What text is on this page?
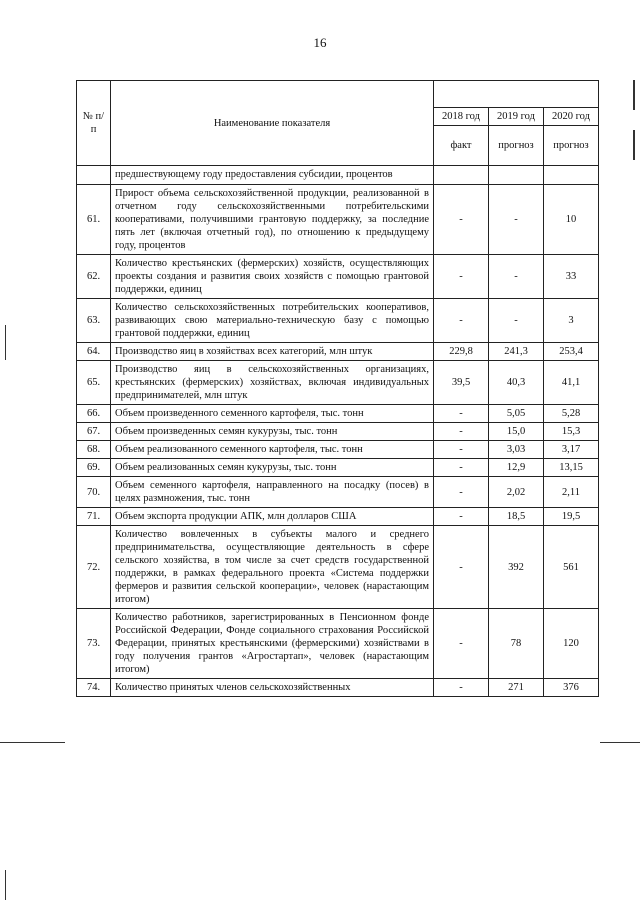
16
№ п/п	Наименование показателя			
		2018 год	2019 год	2020 год
		факт	прогноз	прогноз
	предшествующему году предоставления субсидии, процентов			
61.	Прирост объема сельскохозяйственной продукции, реализованной в отчетном году сельскохозяйственными потребительскими кооперативами, получившими грантовую поддержку, за последние пять лет (включая отчетный год), по отношению к предыдущему году, процентов	-	-	10
62.	Количество крестьянских (фермерских) хозяйств, осуществляющих проекты создания и развития своих хозяйств с помощью грантовой поддержки, единиц	-	-	33
63.	Количество сельскохозяйственных потребительских кооперативов, развивающих свою материально-техническую базу с помощью грантовой поддержки, единиц	-	-	3
64.	Производство яиц в хозяйствах всех категорий, млн штук	229,8	241,3	253,4
65.	Производство яиц в сельскохозяйственных организациях, крестьянских (фермерских) хозяйствах, включая индивидуальных предпринимателей, млн штук	39,5	40,3	41,1
66.	Объем произведенного семенного картофеля, тыс. тонн	-	5,05	5,28
67.	Объем произведенных семян кукурузы, тыс. тонн	-	15,0	15,3
68.	Объем реализованного семенного картофеля, тыс. тонн	-	3,03	3,17
69.	Объем реализованных семян кукурузы, тыс. тонн	-	12,9	13,15
70.	Объем семенного картофеля, направленного на посадку (посев) в целях размножения, тыс. тонн	-	2,02	2,11
71.	Объем экспорта продукции АПК, млн долларов США	-	18,5	19,5
72.	Количество вовлеченных в субъекты малого и среднего предпринимательства, осуществляющие деятельность в сфере сельского хозяйства, в том числе за счет средств государственной поддержки, в рамках федерального проекта «Система поддержки фермеров и развития сельской кооперации», человек (нарастающим итогом)	-	392	561
73.	Количество работников, зарегистрированных в Пенсионном фонде Российской Федерации, Фонде социального страхования Российской Федерации, принятых крестьянскими (фермерскими) хозяйствами в году получения грантов «Агростартап», человек (нарастающим итогом)	-	78	120
74.	Количество принятых членов сельскохозяйственных	-	271	376
